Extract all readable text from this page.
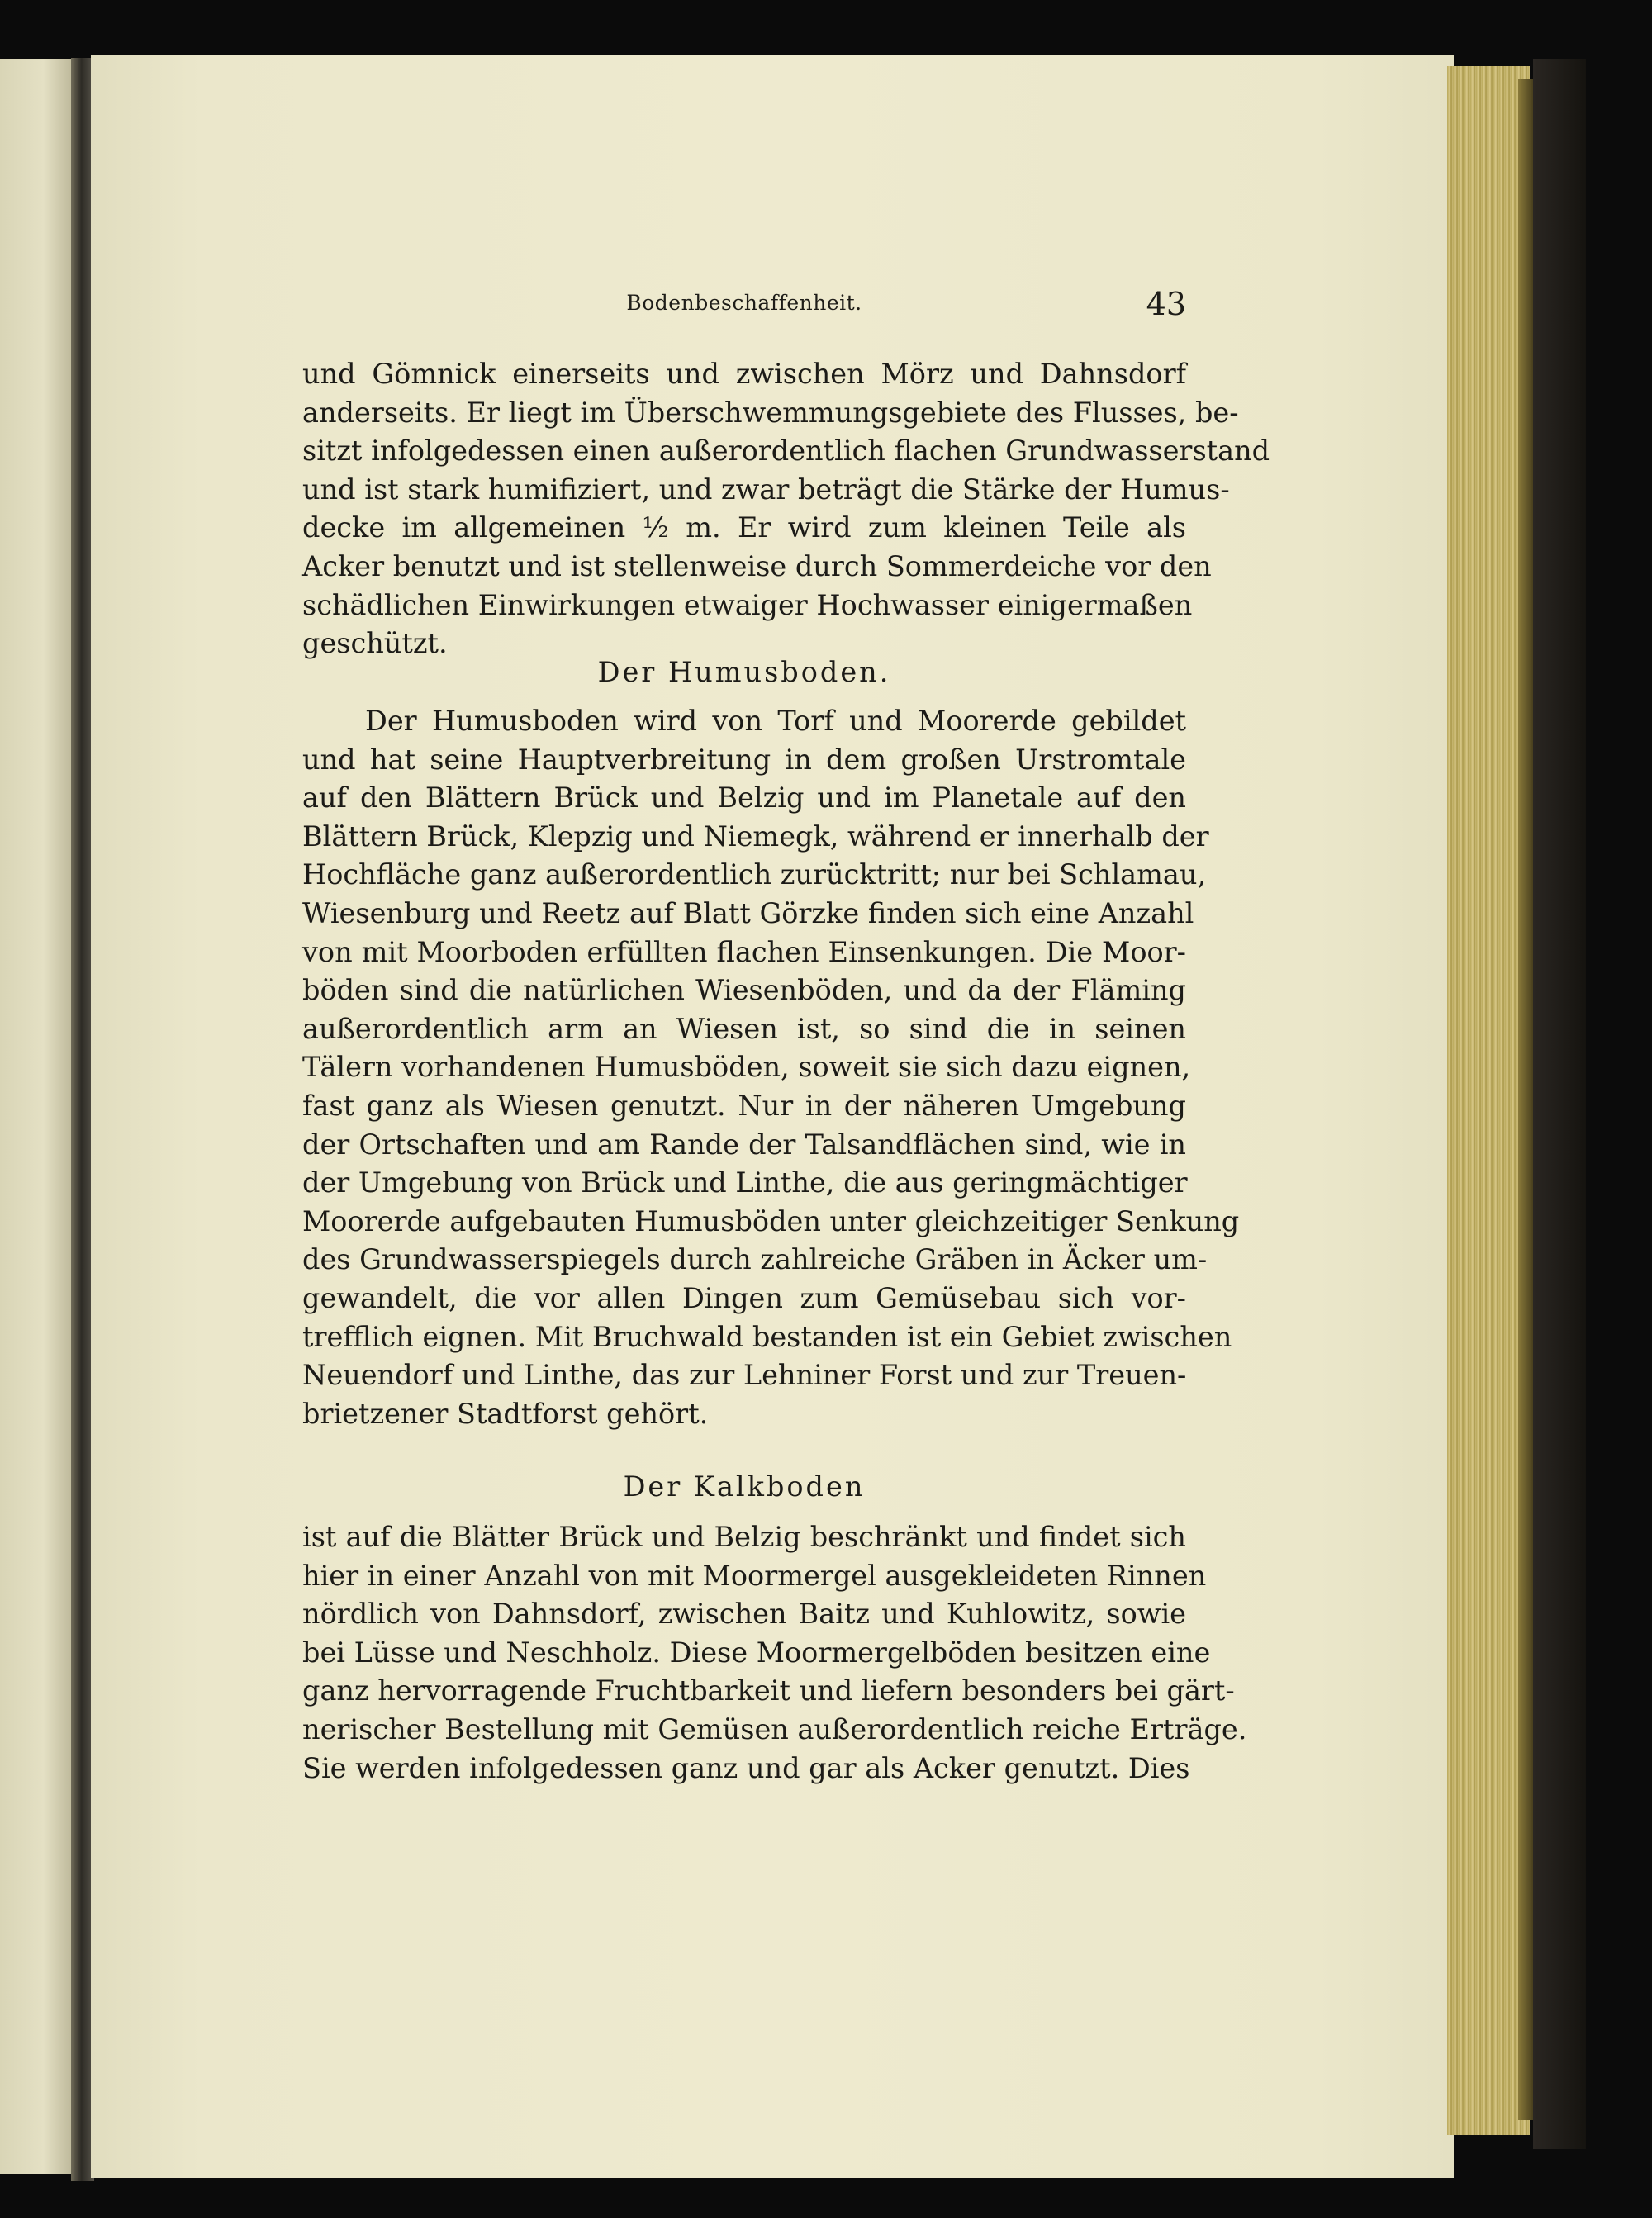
Bodenbeschaffenheit.	43
und Gömnick einerseits und zwischen Mörz und Dahnsdorf
anderseits. Er liegt im Überschwemmungsgebiete des Flusses, be-
sitzt infolgedessen einen außerordentlich flachen Grundwasserstand
und ist stark humifiziert, und zwar beträgt die Stärke der Humus-
decke im allgemeinen ½ m. Er wird zum kleinen Teile als
Acker benutzt und ist stellenweise durch Sommerdeiche vor den
schädlichen Einwirkungen etwaiger Hochwasser einigermaßen
geschützt.
Der Humusboden.
Der Humusboden wird von Torf und Moorerde gebildet
und hat seine Hauptverbreitung in dem großen Urstromtale
auf den Blättern Brück und Belzig und im Planetale auf den
Blättern Brück, Klepzig und Niemegk, während er innerhalb der
Hochfläche ganz außerordentlich zurücktritt; nur bei Schlamau,
Wiesenburg und Reetz auf Blatt Görzke finden sich eine Anzahl
von mit Moorboden erfüllten flachen Einsenkungen. Die Moor-
böden sind die natürlichen Wiesenböden, und da der Fläming
außerordentlich arm an Wiesen ist, so sind die in seinen
Tälern vorhandenen Humusböden, soweit sie sich dazu eignen,
fast ganz als Wiesen genutzt. Nur in der näheren Umgebung
der Ortschaften und am Rande der Talsandflächen sind, wie in
der Umgebung von Brück und Linthe, die aus geringmächtiger
Moorerde aufgebauten Humusböden unter gleichzeitiger Senkung
des Grundwasserspiegels durch zahlreiche Gräben in Äcker um-
gewandelt, die vor allen Dingen zum Gemüsebau sich vor-
trefflich eignen. Mit Bruchwald bestanden ist ein Gebiet zwischen
Neuendorf und Linthe, das zur Lehniner Forst und zur Treuen-
brietzener Stadtforst gehört.
Der Kalkboden
ist auf die Blätter Brück und Belzig beschränkt und findet sich
hier in einer Anzahl von mit Moormergel ausgekleideten Rinnen
nördlich von Dahnsdorf, zwischen Baitz und Kuhlowitz, sowie
bei Lüsse und Neschholz. Diese Moormergelböden besitzen eine
ganz hervorragende Fruchtbarkeit und liefern besonders bei gärt-
nerischer Bestellung mit Gemüsen außerordentlich reiche Erträge.
Sie werden infolgedessen ganz und gar als Acker genutzt. Dies
